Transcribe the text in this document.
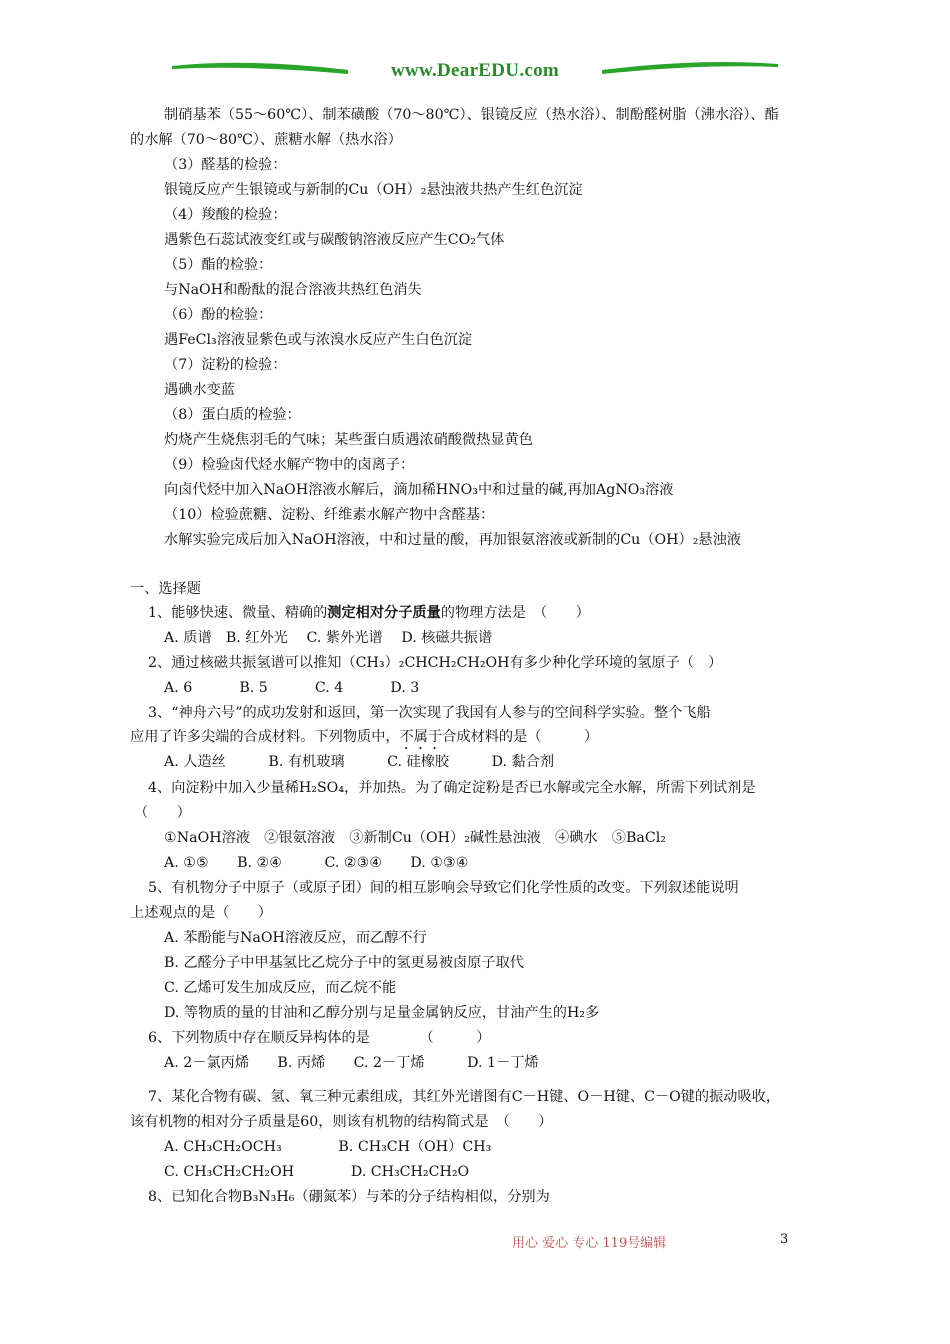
www.DearEDU.com
制硝基苯（55～60℃）、制苯磺酸（70～80℃）、银镜反应（热水浴）、制酚醛树脂（沸水浴）、酯
的水解（70～80℃）、蔗糖水解（热水浴）
（3）醛基的检验：
银镜反应产生银镜或与新制的Cu（OH）₂悬浊液共热产生红色沉淀
（4）羧酸的检验：
遇紫色石蕊试液变红或与碳酸钠溶液反应产生CO₂气体
（5）酯的检验：
与NaOH和酚酞的混合溶液共热红色消失
（6）酚的检验：
遇FeCl₃溶液显紫色或与浓溴水反应产生白色沉淀
（7）淀粉的检验：
遇碘水变蓝
（8）蛋白质的检验：
灼烧产生烧焦羽毛的气味；某些蛋白质遇浓硝酸微热显黄色
（9）检验卤代烃水解产物中的卤离子：
向卤代烃中加入NaOH溶液水解后，滴加稀HNO₃中和过量的碱,再加AgNO₃溶液
（10）检验蔗糖、淀粉、纤维素水解产物中含醛基：
水解实验完成后加入NaOH溶液，中和过量的酸，再加银氨溶液或新制的Cu（OH）₂悬浊液
一、选择题
1、能够快速、微量、精确的测定相对分子质量的物理方法是　（　　）
A. 质谱　B. 红外光　 C. 紫外光谱　 D. 核磁共振谱
2、通过核磁共振氢谱可以推知（CH₃）₂CHCH₂CH₂OH有多少种化学环境的氢原子（　）
A. 6　　　 B. 5　　　 C. 4　　　 D. 3
3、“神舟六号”的成功发射和返回，第一次实现了我国有人参与的空间科学实验。整个飞船
应用了许多尖端的合成材料。下列物质中，不属于合成材料的是（　　　）
A. 人造丝　　　B. 有机玻璃　　　C. 硅橡胶　　　D. 黏合剂
4、向淀粉中加入少量稀H₂SO₄，并加热。为了确定淀粉是否已水解或完全水解，所需下列试剂是
（　　）
①NaOH溶液　②银氨溶液　③新制Cu（OH）₂碱性悬浊液　④碘水　⑤BaCl₂
A. ①⑤　　B. ②④　　　C. ②③④　　D. ①③④
5、有机物分子中原子（或原子团）间的相互影响会导致它们化学性质的改变。下列叙述能说明
上述观点的是（　　）
A. 苯酚能与NaOH溶液反应，而乙醇不行
B. 乙醛分子中甲基氢比乙烷分子中的氢更易被卤原子取代
C. 乙烯可发生加成反应，而乙烷不能
D. 等物质的量的甘油和乙醇分别与足量金属钠反应，甘油产生的H₂多
6、下列物质中存在顺反异构体的是　　　　（　　　）
A. 2－氯丙烯　　B. 丙烯　　C. 2－丁烯　　　D. 1－丁烯
7、某化合物有碳、氢、氧三种元素组成，其红外光谱图有C－H键、O－H键、C－O键的振动吸收，
该有机物的相对分子质量是60，则该有机物的结构简式是　（　　）
A. CH₃CH₂OCH₃　　　　B. CH₃CH（OH）CH₃
C. CH₃CH₂CH₂OH　　　　D. CH₃CH₂CH₂O
8、已知化合物B₃N₃H₆（硼氮苯）与苯的分子结构相似，分别为
用心 爱心 专心 119号编辑	3
